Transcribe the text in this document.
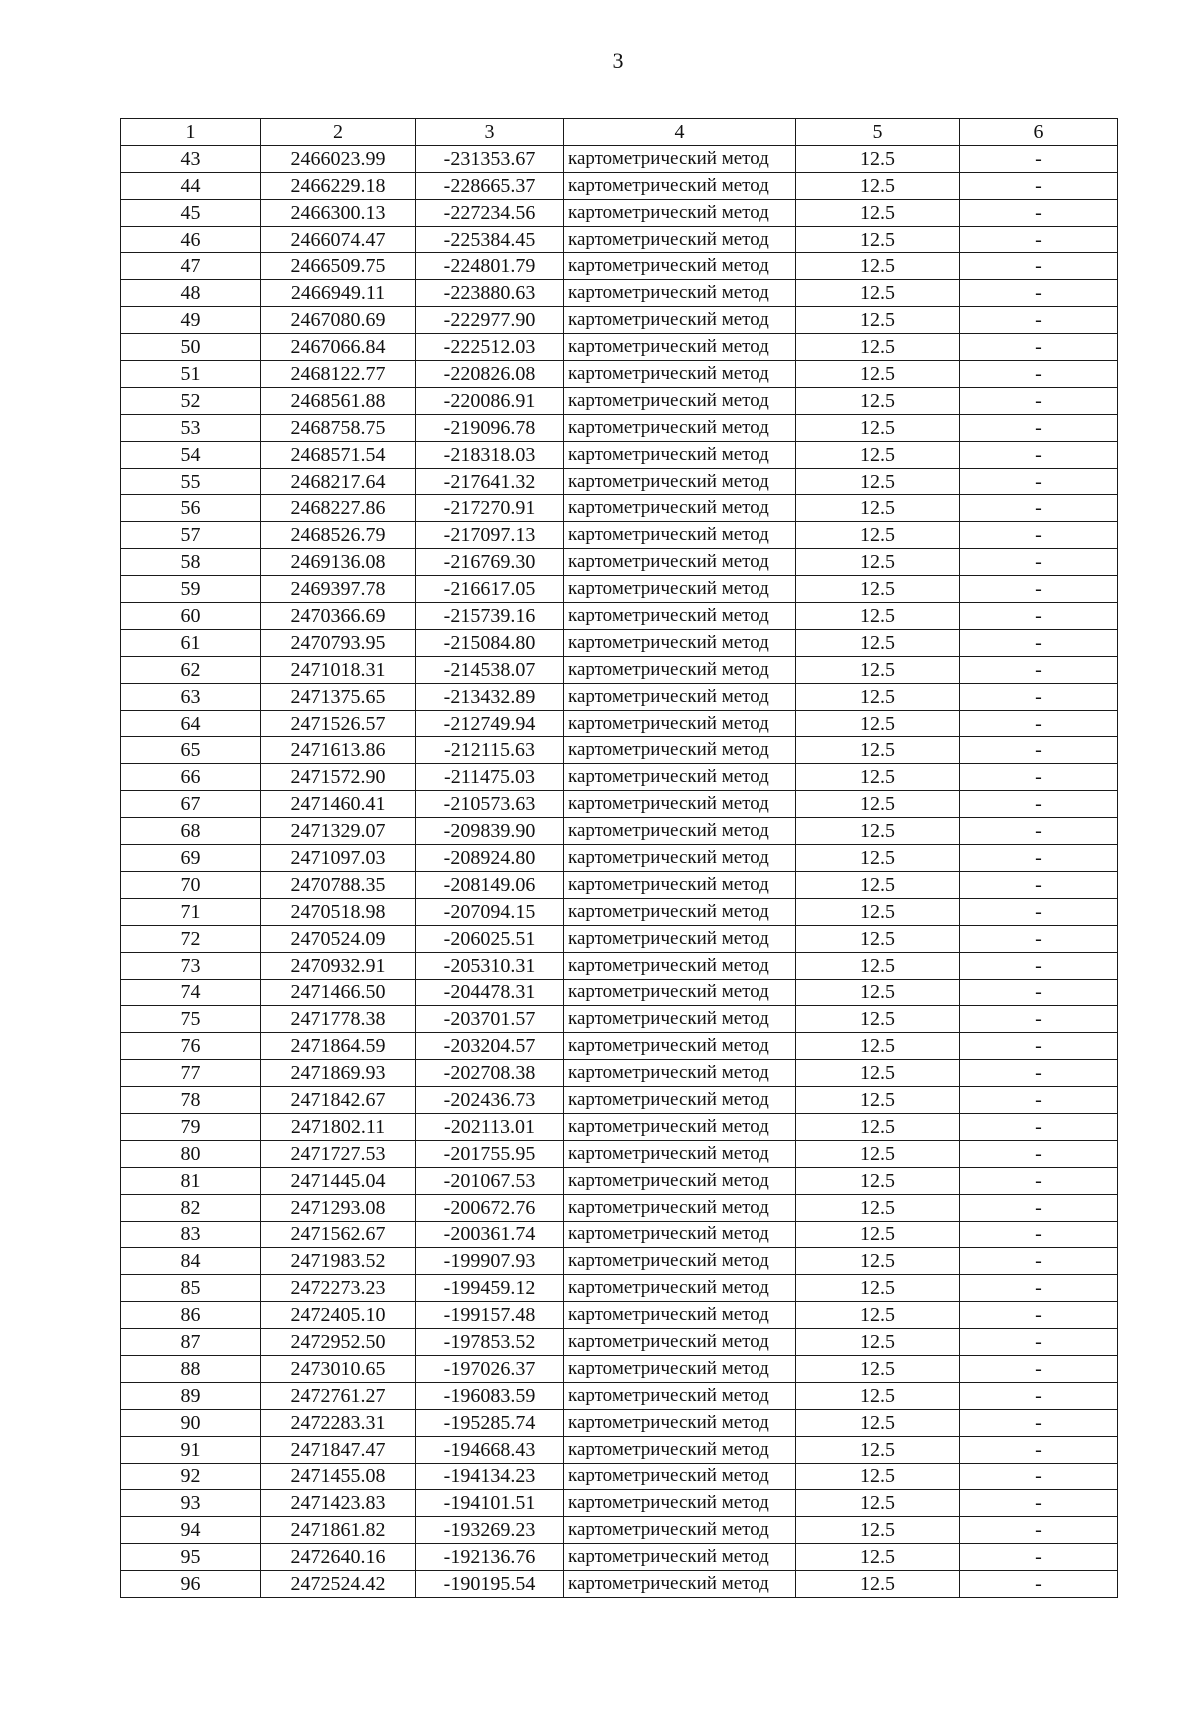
3
1	2	3	4	5	6
43	2466023.99	-231353.67	картометрический метод	12.5	-
44	2466229.18	-228665.37	картометрический метод	12.5	-
45	2466300.13	-227234.56	картометрический метод	12.5	-
46	2466074.47	-225384.45	картометрический метод	12.5	-
47	2466509.75	-224801.79	картометрический метод	12.5	-
48	2466949.11	-223880.63	картометрический метод	12.5	-
49	2467080.69	-222977.90	картометрический метод	12.5	-
50	2467066.84	-222512.03	картометрический метод	12.5	-
51	2468122.77	-220826.08	картометрический метод	12.5	-
52	2468561.88	-220086.91	картометрический метод	12.5	-
53	2468758.75	-219096.78	картометрический метод	12.5	-
54	2468571.54	-218318.03	картометрический метод	12.5	-
55	2468217.64	-217641.32	картометрический метод	12.5	-
56	2468227.86	-217270.91	картометрический метод	12.5	-
57	2468526.79	-217097.13	картометрический метод	12.5	-
58	2469136.08	-216769.30	картометрический метод	12.5	-
59	2469397.78	-216617.05	картометрический метод	12.5	-
60	2470366.69	-215739.16	картометрический метод	12.5	-
61	2470793.95	-215084.80	картометрический метод	12.5	-
62	2471018.31	-214538.07	картометрический метод	12.5	-
63	2471375.65	-213432.89	картометрический метод	12.5	-
64	2471526.57	-212749.94	картометрический метод	12.5	-
65	2471613.86	-212115.63	картометрический метод	12.5	-
66	2471572.90	-211475.03	картометрический метод	12.5	-
67	2471460.41	-210573.63	картометрический метод	12.5	-
68	2471329.07	-209839.90	картометрический метод	12.5	-
69	2471097.03	-208924.80	картометрический метод	12.5	-
70	2470788.35	-208149.06	картометрический метод	12.5	-
71	2470518.98	-207094.15	картометрический метод	12.5	-
72	2470524.09	-206025.51	картометрический метод	12.5	-
73	2470932.91	-205310.31	картометрический метод	12.5	-
74	2471466.50	-204478.31	картометрический метод	12.5	-
75	2471778.38	-203701.57	картометрический метод	12.5	-
76	2471864.59	-203204.57	картометрический метод	12.5	-
77	2471869.93	-202708.38	картометрический метод	12.5	-
78	2471842.67	-202436.73	картометрический метод	12.5	-
79	2471802.11	-202113.01	картометрический метод	12.5	-
80	2471727.53	-201755.95	картометрический метод	12.5	-
81	2471445.04	-201067.53	картометрический метод	12.5	-
82	2471293.08	-200672.76	картометрический метод	12.5	-
83	2471562.67	-200361.74	картометрический метод	12.5	-
84	2471983.52	-199907.93	картометрический метод	12.5	-
85	2472273.23	-199459.12	картометрический метод	12.5	-
86	2472405.10	-199157.48	картометрический метод	12.5	-
87	2472952.50	-197853.52	картометрический метод	12.5	-
88	2473010.65	-197026.37	картометрический метод	12.5	-
89	2472761.27	-196083.59	картометрический метод	12.5	-
90	2472283.31	-195285.74	картометрический метод	12.5	-
91	2471847.47	-194668.43	картометрический метод	12.5	-
92	2471455.08	-194134.23	картометрический метод	12.5	-
93	2471423.83	-194101.51	картометрический метод	12.5	-
94	2471861.82	-193269.23	картометрический метод	12.5	-
95	2472640.16	-192136.76	картометрический метод	12.5	-
96	2472524.42	-190195.54	картометрический метод	12.5	-
